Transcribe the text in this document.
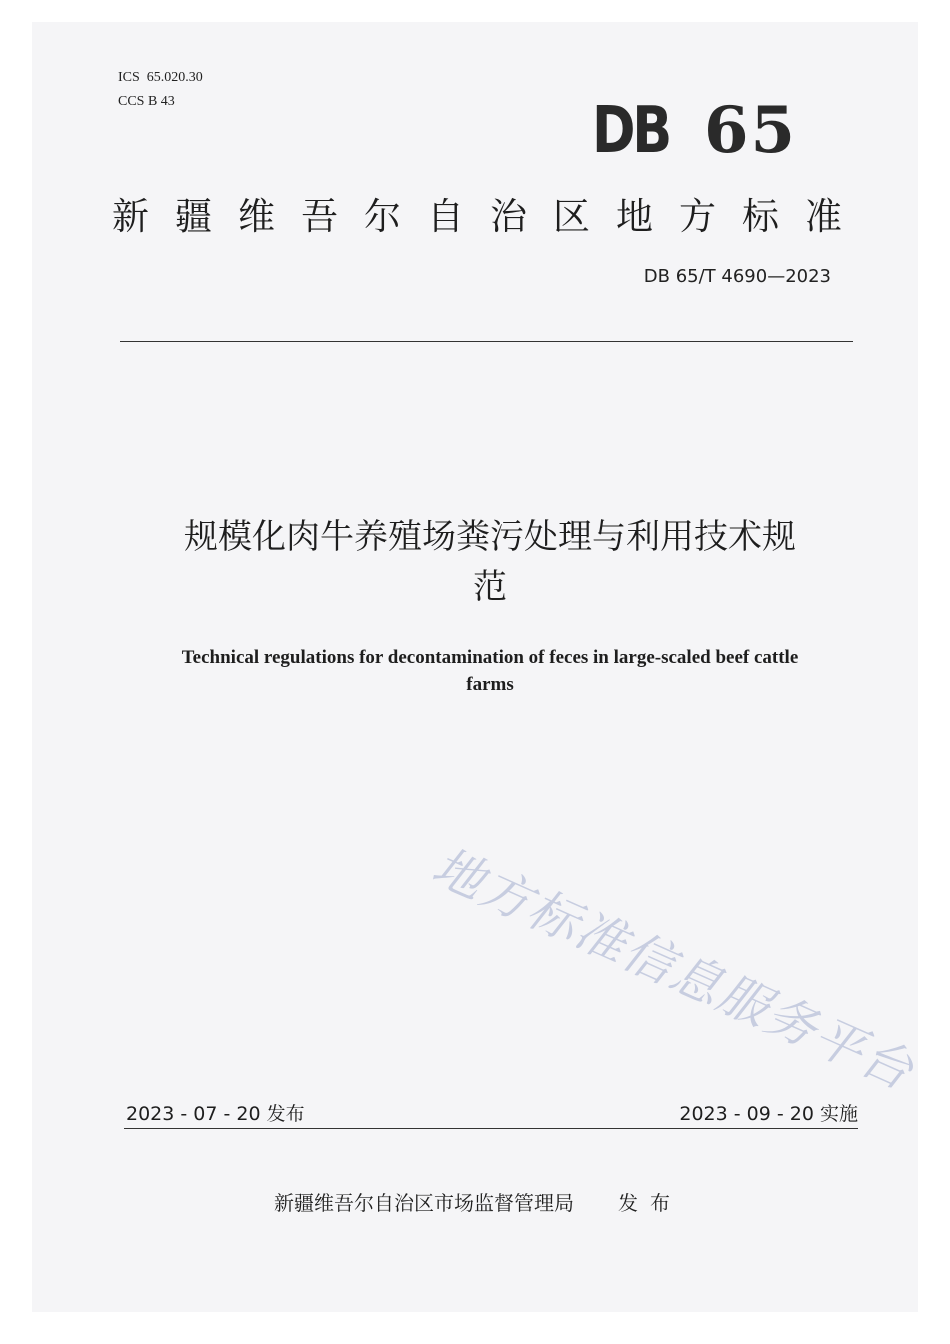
ICS 65.020.30
CCS B 43	DB 65
新疆维吾尔自治区地方标准
DB 65/T 4690—2023
规模化肉牛养殖场粪污处理与利用技术规
范
Technical regulations for decontamination of feces in large-scaled beef cattle
farms
地方标准信息服务平台
2023 - 07 - 20 发布	2023 - 09 - 20 实施
新疆维吾尔自治区市场监督管理局 发布
